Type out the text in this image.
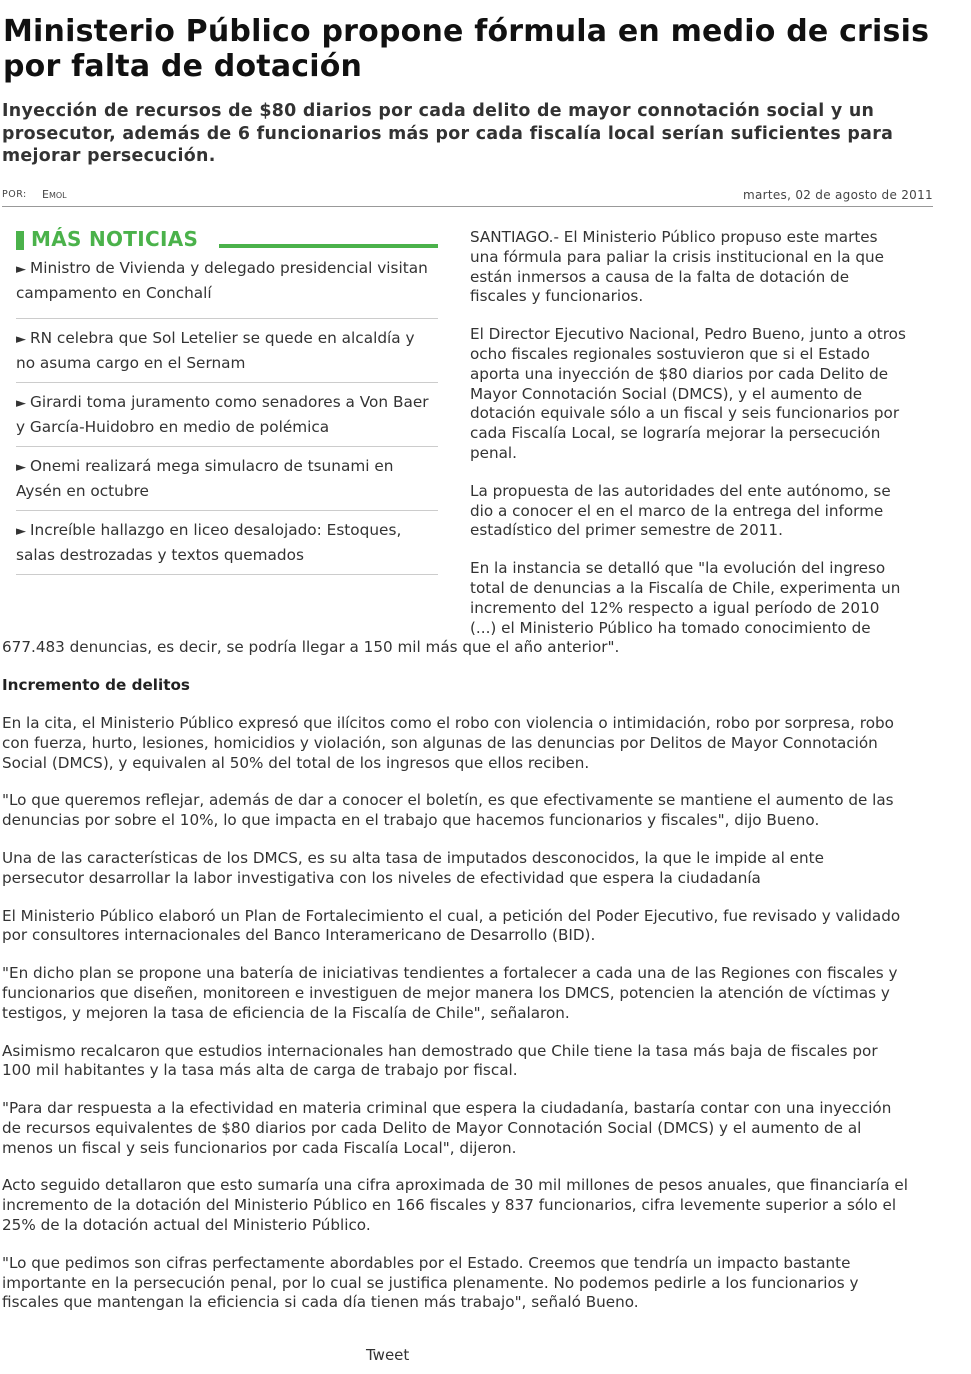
Ministerio Público propone fórmula en medio de crisis por falta de dotación
Inyección de recursos de $80 diarios por cada delito de mayor connotación social y un prosecutor, además de 6 funcionarios más por cada fiscalía local serían suficientes para mejorar persecución.
POR: Emol	martes, 02 de agosto de 2011
MÁS NOTICIAS
► Ministro de Vivienda y delegado presidencial visitan campamento en Conchalí
► RN celebra que Sol Letelier se quede en alcaldía y no asuma cargo en el Sernam
► Girardi toma juramento como senadores a Von Baer y García-Huidobro en medio de polémica
► Onemi realizará mega simulacro de tsunami en Aysén en octubre
► Increíble hallazgo en liceo desalojado: Estoques, salas destrozadas y textos quemados

SANTIAGO.- El Ministerio Público propuso este martes una fórmula para paliar la crisis institucional en la que están inmersos a causa de la falta de dotación de fiscales y funcionarios.

El Director Ejecutivo Nacional, Pedro Bueno, junto a otros ocho fiscales regionales sostuvieron que si el Estado aporta una inyección de $80 diarios por cada Delito de Mayor Connotación Social (DMCS), y el aumento de dotación equivale sólo a un fiscal y seis funcionarios por cada Fiscalía Local, se lograría mejorar la persecución penal.

La propuesta de las autoridades del ente autónomo, se dio a conocer el en el marco de la entrega del informe estadístico del primer semestre de 2011.

En la instancia se detalló que "la evolución del ingreso total de denuncias a la Fiscalía de Chile, experimenta un incremento del 12% respecto a igual período de 2010 (...) el Ministerio Público ha tomado conocimiento de 677.483 denuncias, es decir, se podría llegar a 150 mil más que el año anterior".

Incremento de delitos

En la cita, el Ministerio Público expresó que ilícitos como el robo con violencia o intimidación, robo por sorpresa, robo con fuerza, hurto, lesiones, homicidios y violación, son algunas de las denuncias por Delitos de Mayor Connotación Social (DMCS), y equivalen al 50% del total de los ingresos que ellos reciben.

"Lo que queremos reflejar, además de dar a conocer el boletín, es que efectivamente se mantiene el aumento de las denuncias por sobre el 10%, lo que impacta en el trabajo que hacemos funcionarios y fiscales", dijo Bueno.

Una de las características de los DMCS, es su alta tasa de imputados desconocidos, la que le impide al ente persecutor desarrollar la labor investigativa con los niveles de efectividad que espera la ciudadanía

El Ministerio Público elaboró un Plan de Fortalecimiento el cual, a petición del Poder Ejecutivo, fue revisado y validado por consultores internacionales del Banco Interamericano de Desarrollo (BID).

"En dicho plan se propone una batería de iniciativas tendientes a fortalecer a cada una de las Regiones con fiscales y funcionarios que diseñen, monitoreen e investiguen de mejor manera los DMCS, potencien la atención de víctimas y testigos, y mejoren la tasa de eficiencia de la Fiscalía de Chile", señalaron.

Asimismo recalcaron que estudios internacionales han demostrado que Chile tiene la tasa más baja de fiscales por 100 mil habitantes y la tasa más alta de carga de trabajo por fiscal.

"Para dar respuesta a la efectividad en materia criminal que espera la ciudadanía, bastaría contar con una inyección de recursos equivalentes de $80 diarios por cada Delito de Mayor Connotación Social (DMCS) y el aumento de al menos un fiscal y seis funcionarios por cada Fiscalía Local", dijeron.

Acto seguido detallaron que esto sumaría una cifra aproximada de 30 mil millones de pesos anuales, que financiaría el incremento de la dotación del Ministerio Público en 166 fiscales y 837 funcionarios, cifra levemente superior a sólo el 25% de la dotación actual del Ministerio Público.

"Lo que pedimos son cifras perfectamente abordables por el Estado. Creemos que tendría un impacto bastante importante en la persecución penal, por lo cual se justifica plenamente. No podemos pedirle a los funcionarios y fiscales que mantengan la eficiencia si cada día tienen más trabajo", señaló Bueno.

Tweet
